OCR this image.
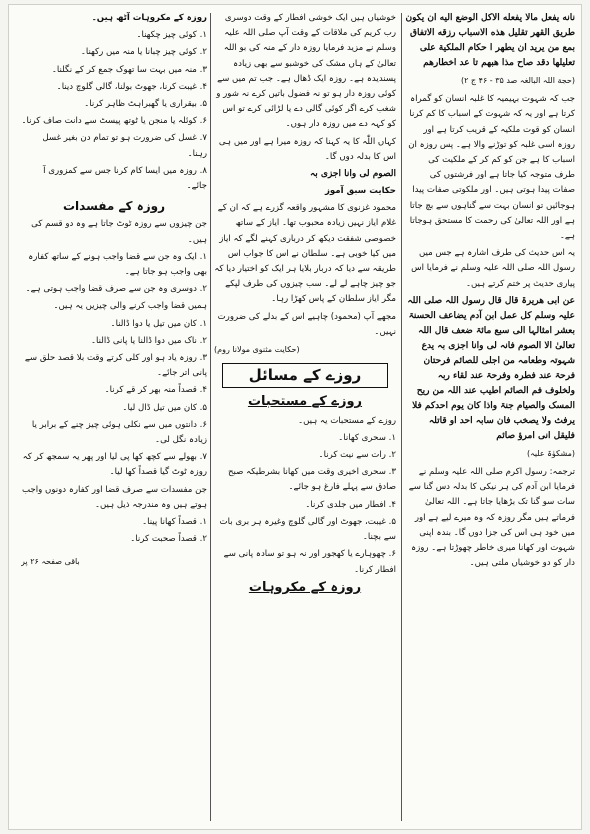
نانه یفعل مالا یفعله الاکل الوضع الیه ان یکون طریق القهر تقلیل هذه الاسباب رزقه الاتفاق بمع من یرید ان یطهر ا حکام الملکیة علی تعلیلها دقد صاح مذا هبهم تا عد اخطارهم

(حجة اللہ البالغہ صد ۳۵ - ۴۶ ج ۲)

جب کہ شہوت بہیمیہ کا غلبہ انسان کو گمراہ کرتا ہے اور یہ کہ شہوت کے اسباب کا کم کرنا انسان کو قوت ملکیہ کے قریب کرتا ہے اور روزہ اسی غلبہ کو توڑنے والا ہے۔ پس روزہ ان اسباب کا ہے جن کو کم کر کے ملکیت کی طرف متوجہ کیا جاتا ہے اور فرشتوں کی صفات پیدا ہوتی ہیں۔ اور ملکوتی صفات پیدا ہوجائیں تو انسان بہت سے گناہوں سے بچ جاتا ہے اور اللہ تعالیٰ کی رحمت کا مستحق ہوجاتا ہے۔

یہ اس حدیث کی طرف اشارہ ہے جس میں رسول اللہ صلی اللہ علیہ وسلم نے فرمایا اس پیاری حدیث پر ختم کرتے ہیں۔

عن ابی ھریرۃ قال قال رسول اللہ صلی اللہ علیہ وسلم کل عمل ابن آدم یضاعف الحسنۃ بعشر امثالہا الی سبع مائۃ ضعف قال اللہ تعالیٰ الا الصوم فانہ لی وانا اجزی بہ یدع شہوتہ وطعامہ من اجلی للصائم فرحتان فرحۃ عند فطرہ وفرحۃ عند لقاء ربہ ولخلوف فم الصائم اطیب عند اللہ من ریح المسک والصیام جنۃ واذا کان یوم احدکم فلا یرفث ولا یصخب فان سابہ احد او قاتلہ فلیقل انی امرؤ صائم

(مشکوٰۃ علیہ)

ترجمہ: رسول اکرم صلی اللہ علیہ وسلم نے فرمایا ابن آدم کی ہر نیکی کا بدلہ دس گنا سے سات سو گنا تک بڑھایا جاتا ہے۔ اللہ تعالیٰ فرماتے ہیں مگر روزہ کہ وہ میرے لیے ہے اور میں خود ہی اس کی جزا دوں گا۔ بندہ اپنی شہوت اور کھانا میری خاطر چھوڑتا ہے۔ روزہ دار کو دو خوشیاں ملتی ہیں۔

خوشیاں ہیں ایک خوشی افطار کے وقت دوسری رب کریم کی ملاقات کے وقت آپ صلی اللہ علیہ وسلم نے مزید فرمایا روزہ دار کے منہ کی بو اللہ تعالیٰ کے ہاں مشک کی خوشبو سے بھی زیادہ پسندیدہ ہے۔ روزہ ایک ڈھال ہے۔ جب تم میں سے کوئی روزہ دار ہو تو نہ فضول باتیں کرے نہ شور و شغب کرے اگر کوئی گالی دے یا لڑائی کرے تو اس کو کہہ دے میں روزہ دار ہوں۔

کہاں اللّٰہ کا یہ کہنا کہ روزہ میرا ہے اور میں ہی اس کا بدلہ دوں گا۔

الصوم لی وانا اجزی بہ

حکایت سبق آموز

محمود غزنوی کا مشہور واقعہ گزرے ہے کہ ان کے غلام ایاز نہیں زیادہ محبوب تھا۔ ایاز کے ساتھ خصوصی شفقت دیکھ کر درباری کہنے لگے کہ ایاز میں کیا خوبی ہے۔ سلطان نے اس کا جواب اس طریقہ سے دیا کہ دربار بلایا ہر ایک کو اختیار دیا کہ جو چیز چاہے لے لے۔ سب چیزوں کی طرف لپکے مگر ایاز سلطان کے پاس کھڑا رہا۔

مجھے آپ (محمود) چاہیے اس کے بدلے کی ضرورت نہیں۔

(حکایت مثنوی مولانا روم)

روزے کے مسائل
روزے کے مستحبات

روزے کے مستحبات یہ ہیں۔

۱. سحری کھانا۔

۲. رات سے نیت کرنا۔

۳. سحری اخیری وقت میں کھانا بشرطیکہ صبح صادق سے پہلے فارغ ہو جائے۔

۴. افطار میں جلدی کرنا۔

۵. غیبت، جھوٹ اور گالی گلوچ وغیرہ ہر بری بات سے بچنا۔

۶. چھوہارے یا کھجور اور نہ ہو تو سادہ پانی سے افطار کرنا۔

روزہ کے مکروہات

روزہ کے مکروہات آٹھ ہیں۔

۱. کوئی چیز چکھنا۔

۲. کوئی چیز چبانا یا منہ میں رکھنا۔

۳. منہ میں بہت سا تھوک جمع کر کے نگلنا۔

۴. غیبت کرنا، جھوٹ بولنا، گالی گلوچ دینا۔

۵. بیقراری یا گھبراہٹ ظاہر کرنا۔

۶. کوئلہ یا منجن یا ٹوتھ پیسٹ سے دانت صاف کرنا۔

۷. غسل کی ضرورت ہو تو تمام دن بغیر غسل رہنا۔

۸. روزہ میں ایسا کام کرنا جس سے کمزوری آ جائے۔

روزہ کے مفسدات

جن چیزوں سے روزہ ٹوٹ جاتا ہے وہ دو قسم کی ہیں۔

۱. ایک وہ جن سے قضا واجب ہونے کے ساتھ کفارہ بھی واجب ہو جاتا ہے۔

۲. دوسری وہ جن سے صرف قضا واجب ہوتی ہے۔

ہمیں قضا واجب کرنے والی چیزیں یہ ہیں۔

۱. کان میں تیل یا دوا ڈالنا۔

۲. ناک میں دوا ڈالنا یا پانی ڈالنا۔

۳. روزہ یاد ہو اور کلی کرتے وقت بلا قصد حلق سے پانی اتر جائے۔

۴. قصداً منہ بھر کر قے کرنا۔

۵. کان میں تیل ڈال لیا۔

۶. دانتوں میں سے نکلی ہوئی چیز چنے کے برابر یا زیادہ نگل لی۔

۷. بھولے سے کچھ کھا پی لیا اور پھر یہ سمجھ کر کہ روزہ ٹوٹ گیا قصداً کھا لیا۔

جن مفسدات سے صرف قضا اور کفارہ دونوں واجب ہوتے ہیں وہ مندرجہ ذیل ہیں۔

۱. قصداً کھانا پینا۔

۲. قصداً صحبت کرنا۔

باقی صفحہ ۲۶ پر
